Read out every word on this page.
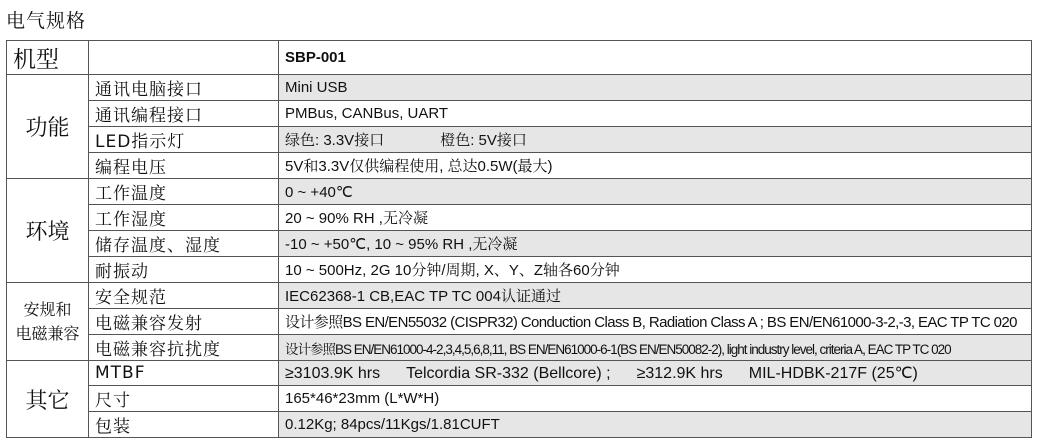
电气规格
机型		SBP-001
功能	通讯电脑接口	Mini USB
	通讯编程接口	PMBus, CANBus, UART
	LED指示灯	绿色: 3.3V接口 橙色: 5V接口
	编程电压	5V和3.3V仅供编程使用, 总达0.5W(最大)
环境	工作温度	0 ~ +40℃
	工作湿度	20 ~ 90% RH ,无冷凝
	储存温度、湿度	-10 ~ +50℃, 10 ~ 95% RH ,无冷凝
	耐振动	10 ~ 500Hz, 2G 10分钟/周期, X、Y、Z轴各60分钟

安规和
电磁兼容	安全规范	IEC62368-1 CB,EAC TP TC 004认证通过
	电磁兼容发射	设计参照BS EN/EN55032 (CISPR32) Conduction Class B, Radiation Class A ; BS EN/EN61000-3-2,-3, EAC TP TC 020
	电磁兼容抗扰度	设计参照BS EN/EN61000-4-2,3,4,5,6,8,11, BS EN/EN61000-6-1(BS EN/EN50082-2), light industry level, criteria A, EAC TP TC 020
其它	MTBF	≥3103.9K hrs Telcordia SR-332 (Bellcore) ; ≥312.9K hrs MIL-HDBK-217F (25℃)
	尺寸	165*46*23mm (L*W*H)
	包装	0.12Kg; 84pcs/11Kgs/1.81CUFT
